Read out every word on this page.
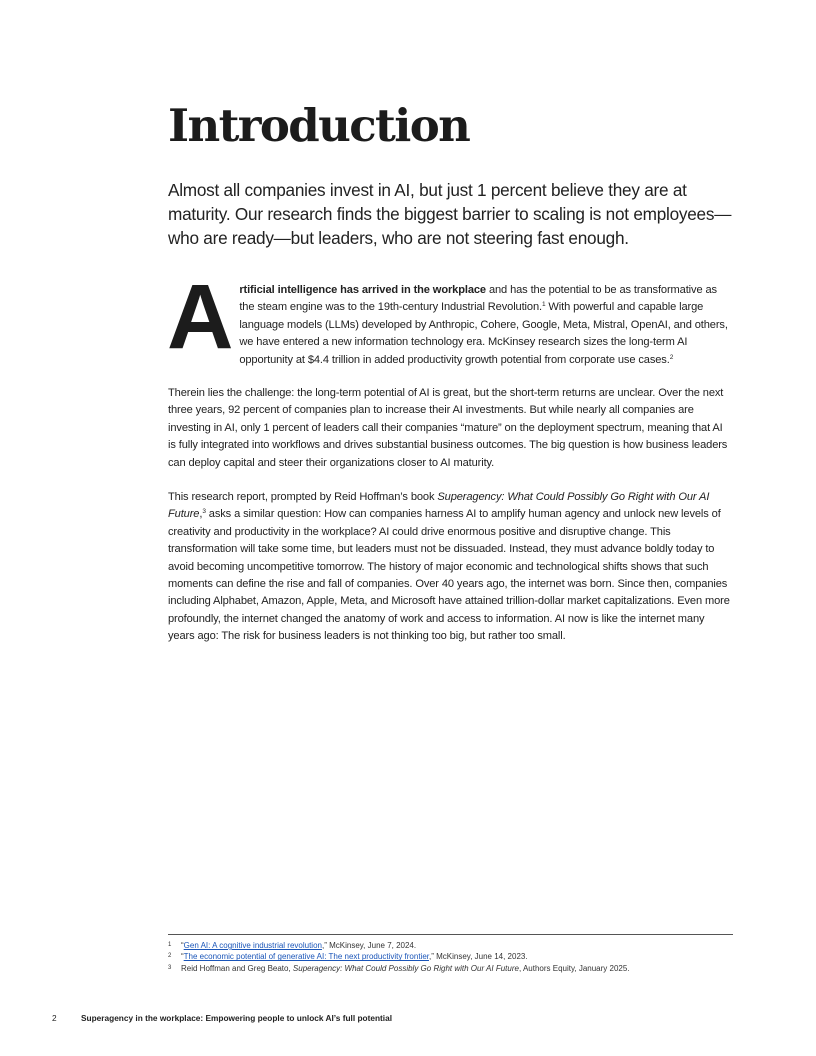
Introduction

Almost all companies invest in AI, but just 1 percent believe they are at maturity. Our research finds the biggest barrier to scaling is not employees—who are ready—but leaders, who are not steering fast enough.

Artificial intelligence has arrived in the workplace and has the potential to be as transformative as the steam engine was to the 19th-century Industrial Revolution.$^1$ With powerful and capable large language models (LLMs) developed by Anthropic, Cohere, Google, Meta, Mistral, OpenAI, and others, we have entered a new information technology era. McKinsey research sizes the long-term AI opportunity at $4.4 trillion in added productivity growth potential from corporate use cases.$^2$

Therein lies the challenge: the long-term potential of AI is great, but the short-term returns are unclear. Over the next three years, 92 percent of companies plan to increase their AI investments. But while nearly all companies are investing in AI, only 1 percent of leaders call their companies “mature” on the deployment spectrum, meaning that AI is fully integrated into workflows and drives substantial business outcomes. The big question is how business leaders can deploy capital and steer their organizations closer to AI maturity.

This research report, prompted by Reid Hoffman’s book Superagency: What Could Possibly Go Right with Our AI Future,$^3$ asks a similar question: How can companies harness AI to amplify human agency and unlock new levels of creativity and productivity in the workplace? AI could drive enormous positive and disruptive change. This transformation will take some time, but leaders must not be dissuaded. Instead, they must advance boldly today to avoid becoming uncompetitive tomorrow. The history of major economic and technological shifts shows that such moments can define the rise and fall of companies. Over 40 years ago, the internet was born. Since then, companies including Alphabet, Amazon, Apple, Meta, and Microsoft have attained trillion-dollar market capitalizations. Even more profoundly, the internet changed the anatomy of work and access to information. AI now is like the internet many years ago: The risk for business leaders is not thinking too big, but rather too small.

1 “Gen AI: A cognitive industrial revolution,” McKinsey, June 7, 2024.
2 “The economic potential of generative AI: The next productivity frontier,” McKinsey, June 14, 2023.
3 Reid Hoffman and Greg Beato, Superagency: What Could Possibly Go Right with Our AI Future, Authors Equity, January 2025.
2	Superagency in the workplace: Empowering people to unlock AI’s full potential
